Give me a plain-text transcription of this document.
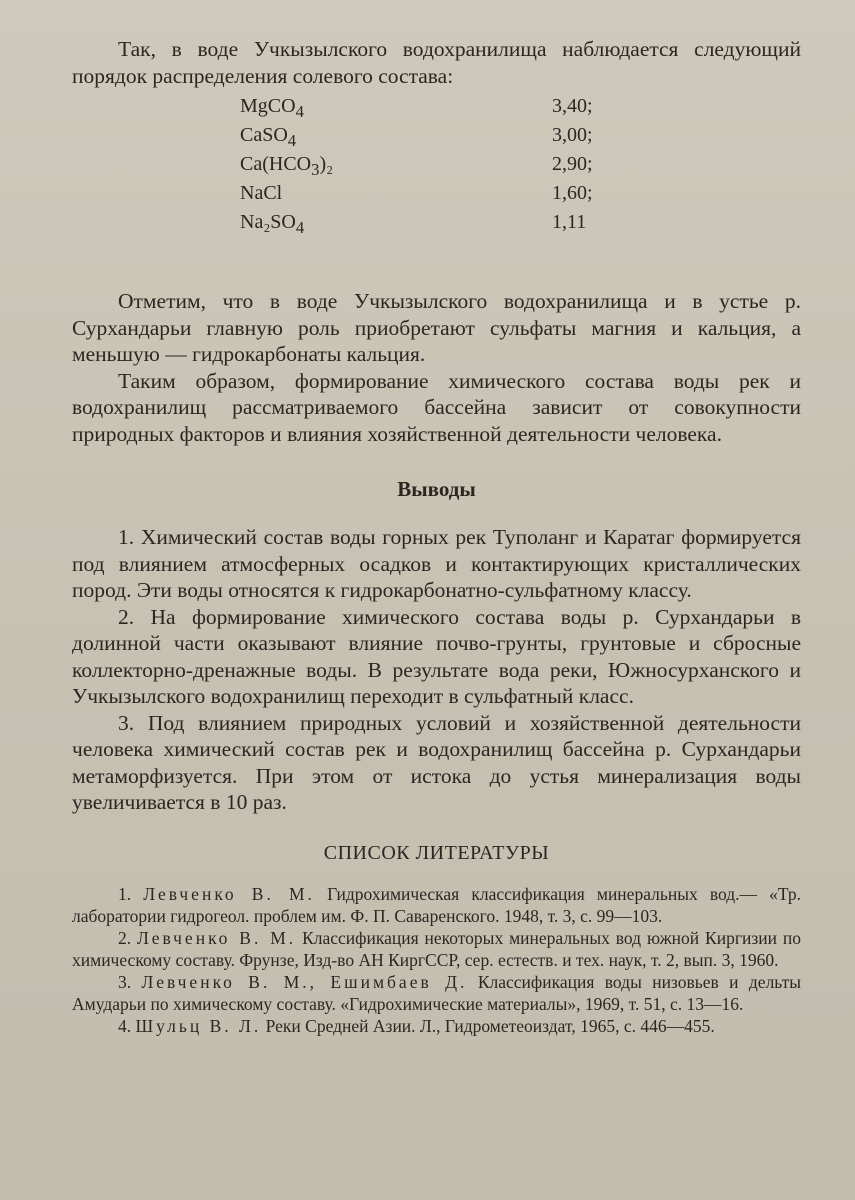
Так, в воде Учкызылского водохранилища наблюдается следующий порядок распределения солевого состава:

MgCO$_4$	3,40;
CaSO$_4$	3,00;
$Ca(HCO_3)_2$	2,90;
NaCl	1,60;
$Na_2SO_4$	1,11

Отметим, что в воде Учкызылского водохранилища и в устье р. Сурхандарьи главную роль приобретают сульфаты магния и кальция, а меньшую — гидрокарбонаты кальция.

Таким образом, формирование химического состава воды рек и водохранилищ рассматриваемого бассейна зависит от совокупности природных факторов и влияния хозяйственной деятельности человека.

Выводы

1. Химический состав воды горных рек Туполанг и Каратаг формируется под влиянием атмосферных осадков и контактирующих кристаллических пород. Эти воды относятся к гидрокарбонатно-сульфатному классу.

2. На формирование химического состава воды р. Сурхандарьи в долинной части оказывают влияние почво-грунты, грунтовые и сбросные коллекторно-дренажные воды. В результате вода реки, Южносурханского и Учкызылского водохранилищ переходит в сульфатный класс.

3. Под влиянием природных условий и хозяйственной деятельности человека химический состав рек и водохранилищ бассейна р. Сурхандарьи метаморфизуется. При этом от истока до устья минерализация воды увеличивается в 10 раз.

СПИСОК ЛИТЕРАТУРЫ

1. Левченко В. М. Гидрохимическая классификация минеральных вод.— «Тр. лаборатории гидрогеол. проблем им. Ф. П. Саваренского. 1948, т. 3, с. 99—103.

2. Левченко В. М. Классификация некоторых минеральных вод южной Киргизии по химическому составу. Фрунзе, Изд-во АН КиргССР, сер. естеств. и тех. наук, т. 2, вып. 3, 1960.

3. Левченко В. М., Ешимбаев Д. Классификация воды низовьев и дельты Амударьи по химическому составу. «Гидрохимические материалы», 1969, т. 51, с. 13—16.

4. Шульц В. Л. Реки Средней Азии. Л., Гидрометеоиздат, 1965, с. 446—455.
